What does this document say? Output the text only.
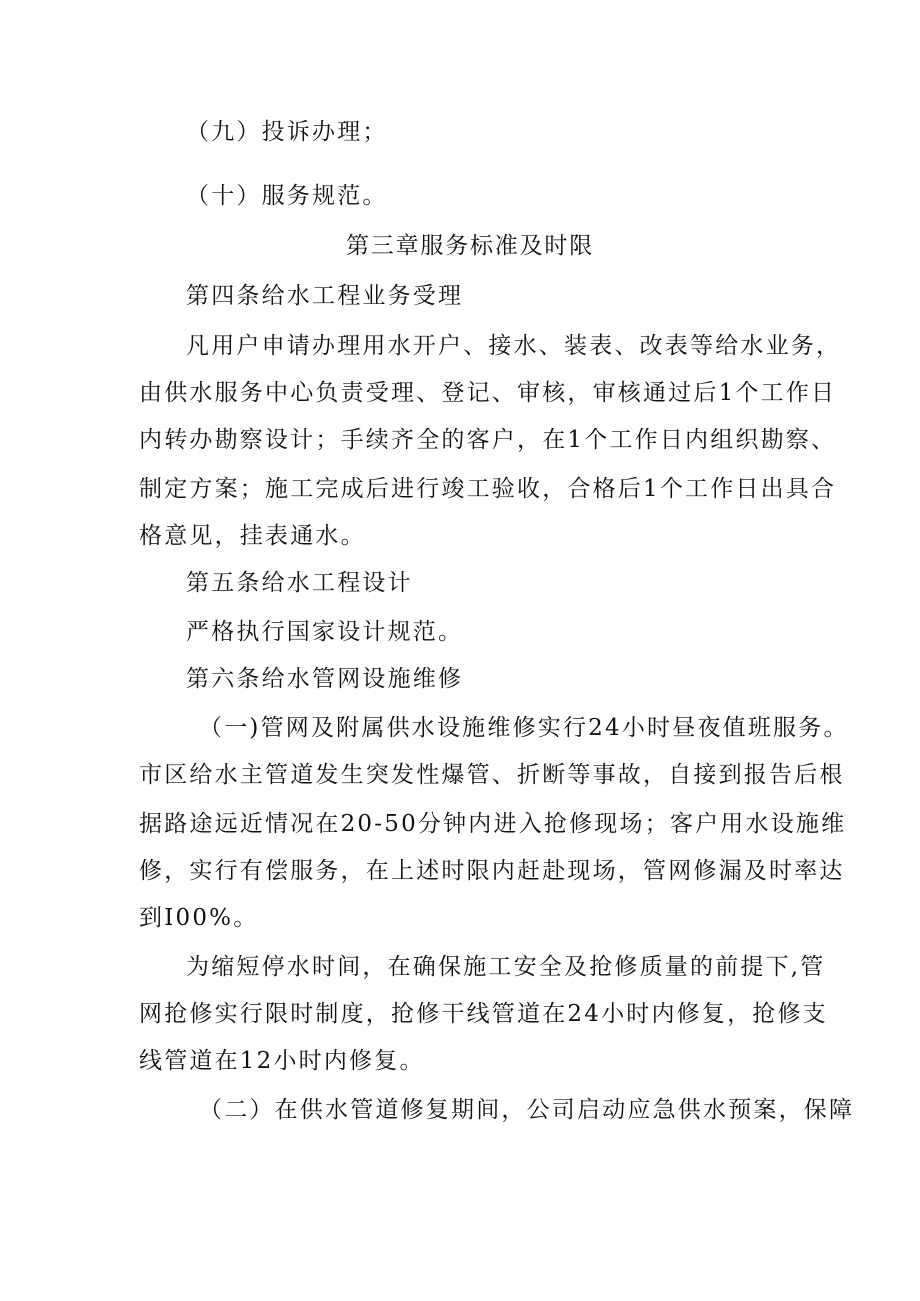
（九）投诉办理；
（十）服务规范。
第三章服务标准及时限
第四条给水工程业务受理
凡用户申请办理用水开户、接水、装表、改表等给水业务，
由供水服务中心负责受理、登记、审核，审核通过后1个工作日
内转办勘察设计；手续齐全的客户，在1个工作日内组织勘察、
制定方案；施工完成后进行竣工验收，合格后1个工作日出具合
格意见，挂表通水。
第五条给水工程设计
严格执行国家设计规范。
第六条给水管网设施维修
（一)管网及附属供水设施维修实行24小时昼夜值班服务。
市区给水主管道发生突发性爆管、折断等事故，自接到报告后根
据路途远近情况在20-50分钟内进入抢修现场；客户用水设施维
修，实行有偿服务，在上述时限内赶赴现场，管网修漏及时率达
到I00%。
为缩短停水时间，在确保施工安全及抢修质量的前提下,管
网抢修实行限时制度，抢修干线管道在24小时内修复，抢修支
线管道在12小时内修复。
（二）在供水管道修复期间，公司启动应急供水预案，保障
